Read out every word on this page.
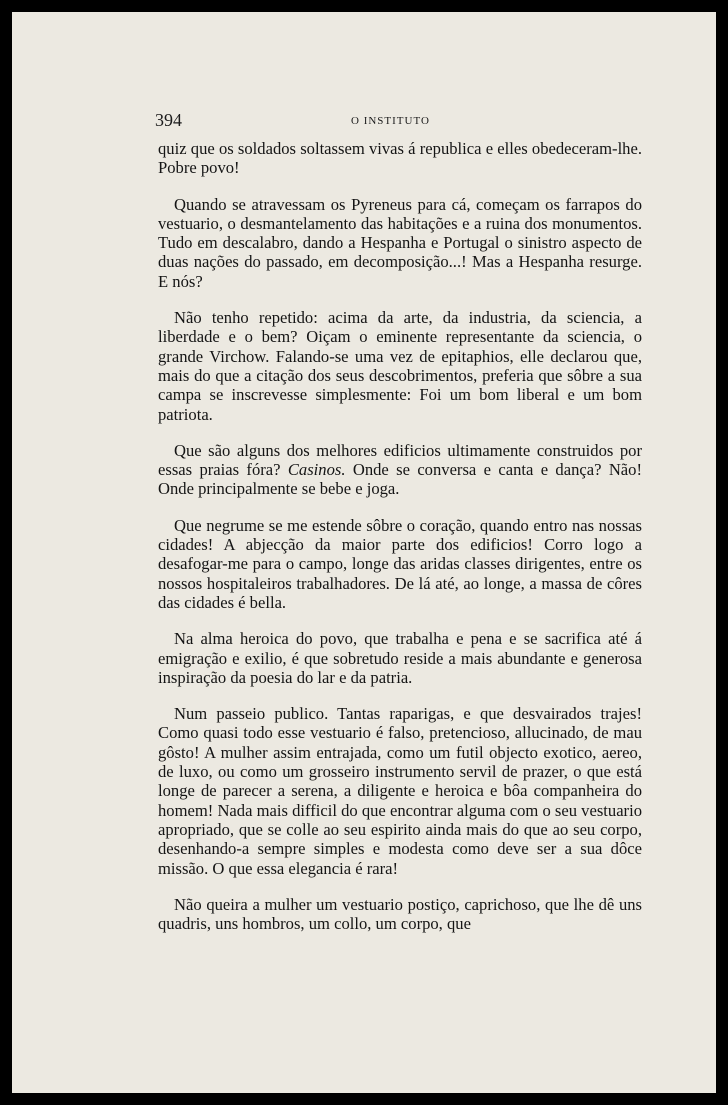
394	O INSTITUTO

quiz que os soldados soltassem vivas á republica e elles obedeceram-lhe. Pobre povo!

Quando se atravessam os Pyreneus para cá, começam os farrapos do vestuario, o desmantelamento das habitações e a ruina dos monumentos. Tudo em descalabro, dando a Hespanha e Portugal o sinistro aspecto de duas nações do passado, em decomposição...! Mas a Hespanha resurge. E nós?

Não tenho repetido: acima da arte, da industria, da sciencia, a liberdade e o bem? Oiçam o eminente representante da sciencia, o grande Virchow. Falando-se uma vez de epitaphios, elle declarou que, mais do que a citação dos seus descobrimentos, preferia que sôbre a sua campa se inscrevesse simplesmente: Foi um bom liberal e um bom patriota.

Que são alguns dos melhores edificios ultimamente construidos por essas praias fóra? Casinos. Onde se conversa e canta e dança? Não! Onde principalmente se bebe e joga.

Que negrume se me estende sôbre o coração, quando entro nas nossas cidades! A abjecção da maior parte dos edificios! Corro logo a desafogar-me para o campo, longe das aridas classes dirigentes, entre os nossos hospitaleiros trabalhadores. De lá até, ao longe, a massa de côres das cidades é bella.

Na alma heroica do povo, que trabalha e pena e se sacrifica até á emigração e exilio, é que sobretudo reside a mais abundante e generosa inspiração da poesia do lar e da patria.

Num passeio publico. Tantas raparigas, e que desvairados trajes! Como quasi todo esse vestuario é falso, pretencioso, allucinado, de mau gôsto! A mulher assim entrajada, como um futil objecto exotico, aereo, de luxo, ou como um grosseiro instrumento servil de prazer, o que está longe de parecer a serena, a diligente e heroica e bôa companheira do homem! Nada mais difficil do que encontrar alguma com o seu vestuario apropriado, que se colle ao seu espirito ainda mais do que ao seu corpo, desenhando-a sempre simples e modesta como deve ser a sua dôce missão. O que essa elegancia é rara!

Não queira a mulher um vestuario postiço, caprichoso, que lhe dê uns quadris, uns hombros, um collo, um corpo, que
